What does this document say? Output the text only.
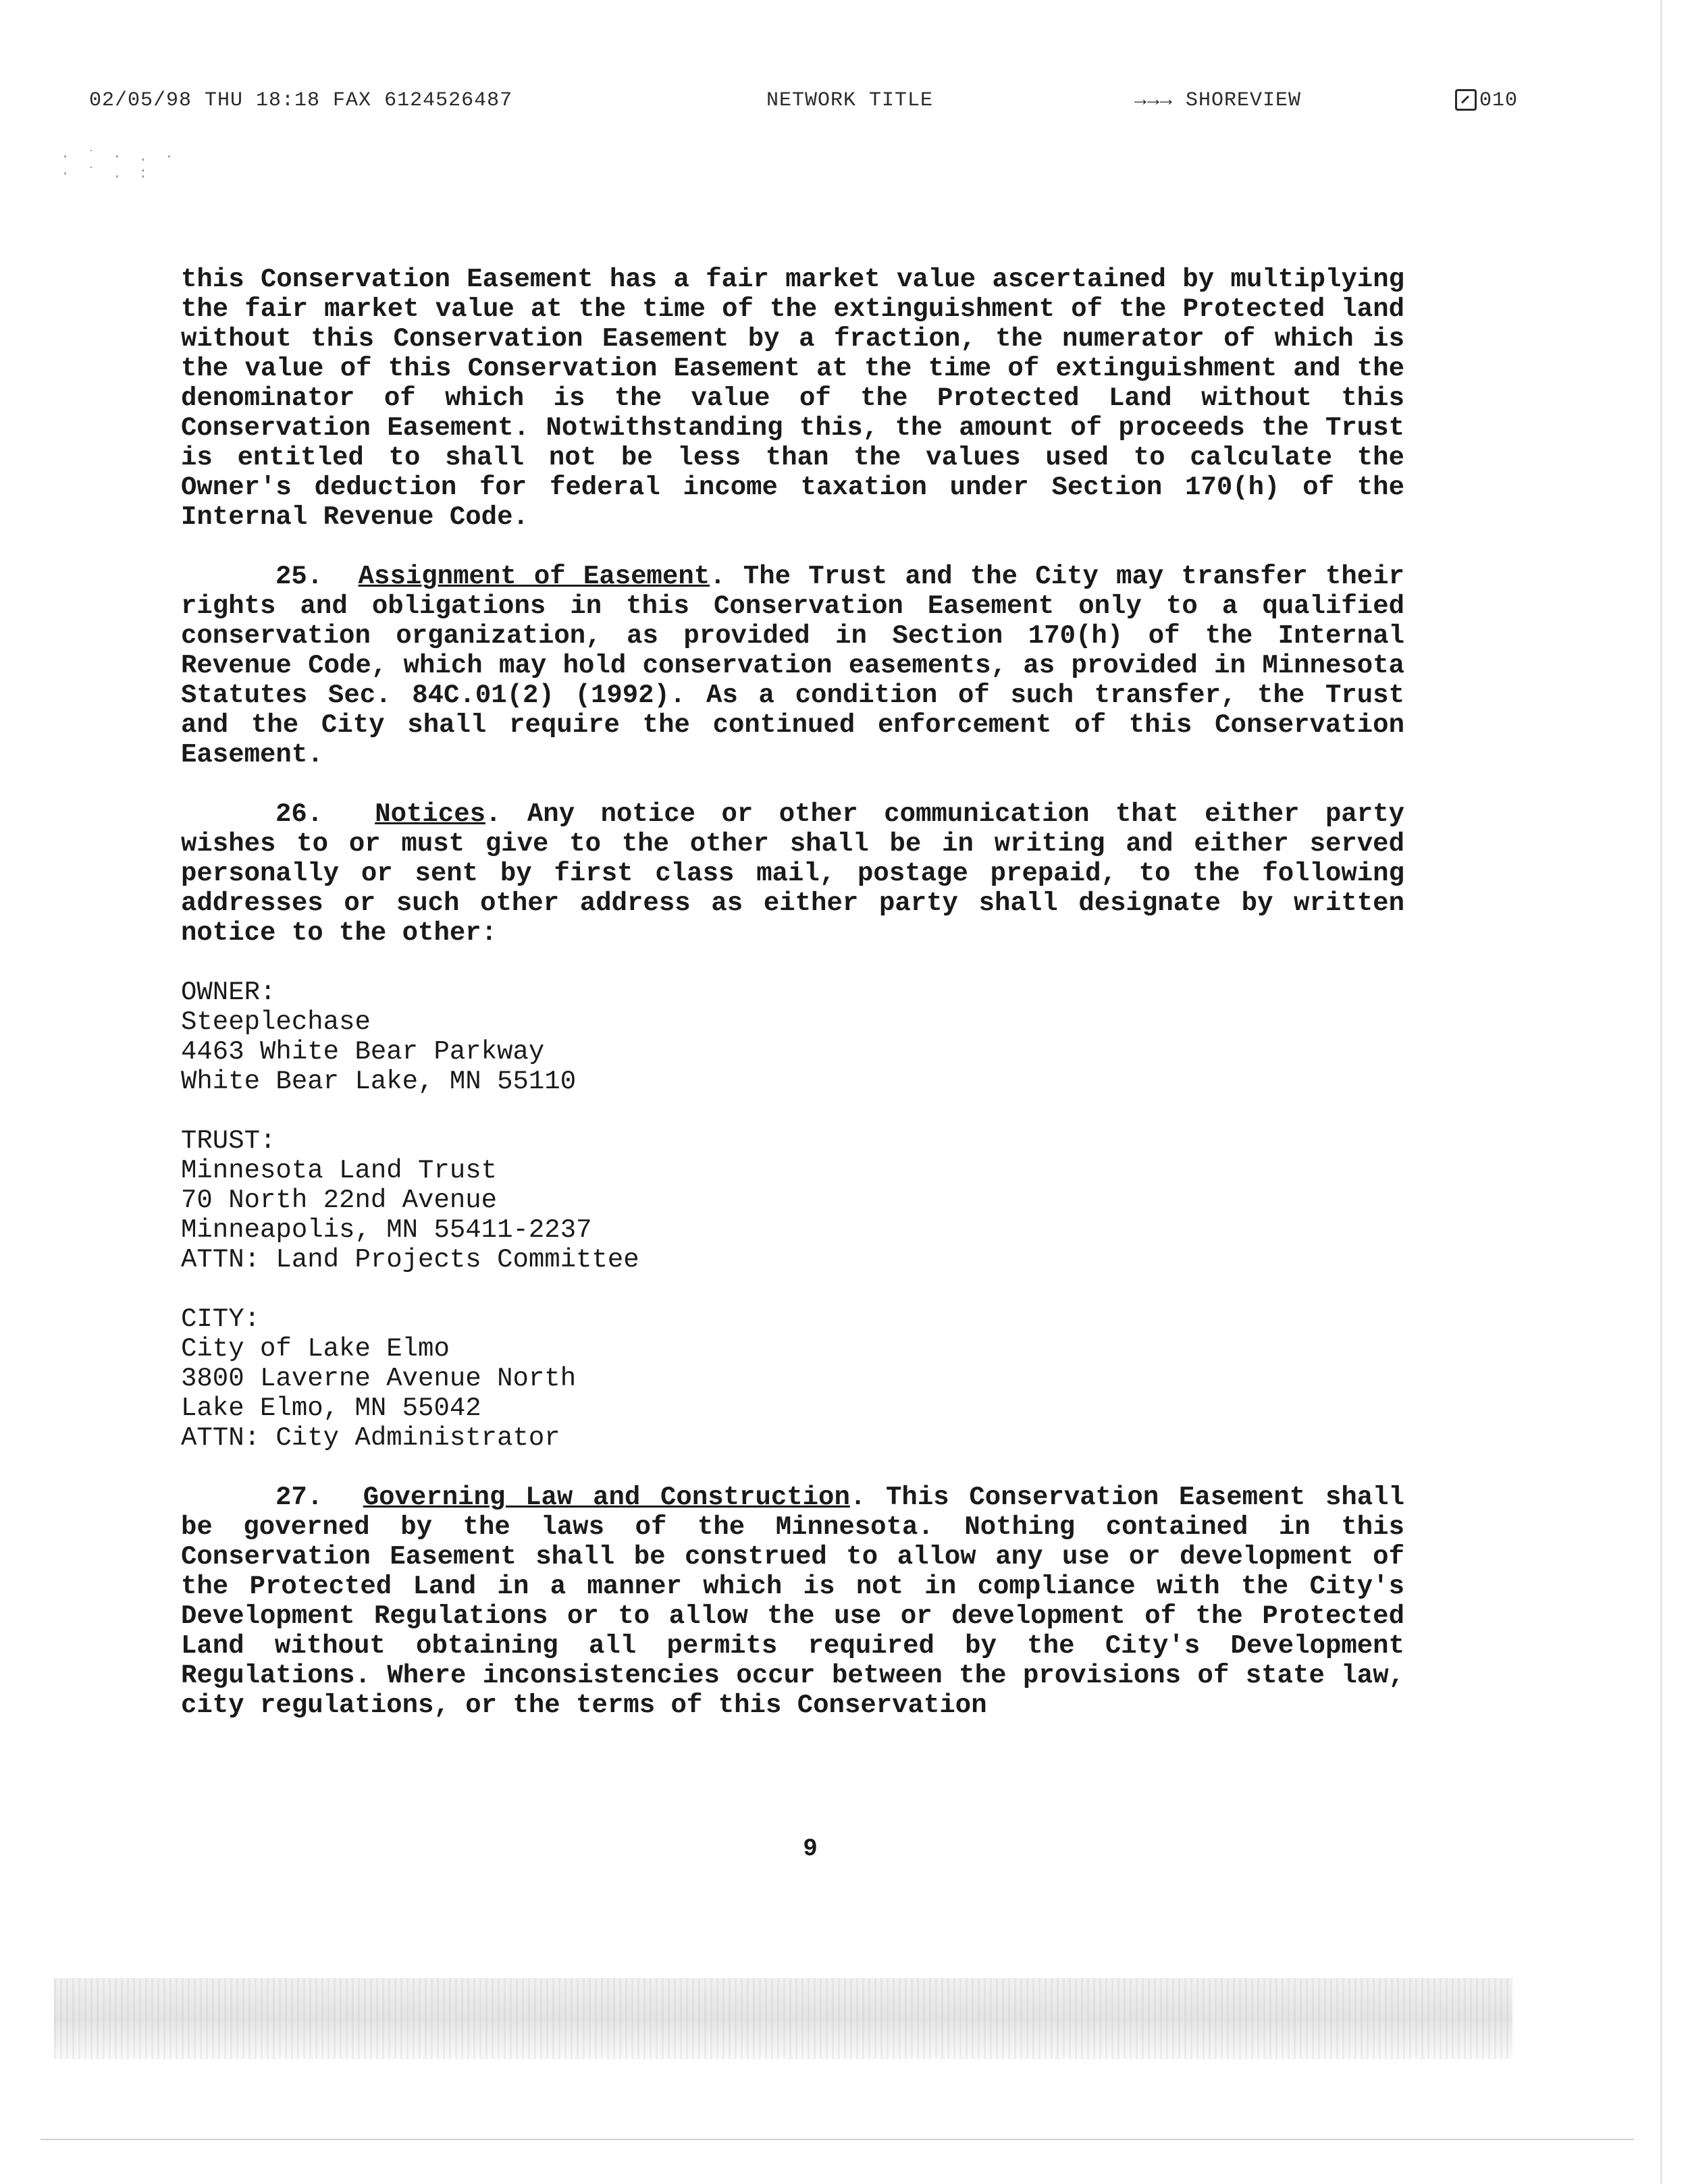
02/05/98 THU 18:18 FAX 6124526487	NETWORK TITLE	→→→ SHOREVIEW	010
· ˙ · . ·
· ˙ . :

this Conservation Easement has a fair market value ascertained by multiplying the fair market value at the time of the extinguishment of the Protected land without this Conservation Easement by a fraction, the numerator of which is the value of this Conservation Easement at the time of extinguishment and the denominator of which is the value of the Protected Land without this Conservation Easement. Notwithstanding this, the amount of proceeds the Trust is entitled to shall not be less than the values used to calculate the Owner's deduction for federal income taxation under Section 170(h) of the Internal Revenue Code.

25. Assignment of Easement. The Trust and the City may transfer their rights and obligations in this Conservation Easement only to a qualified conservation organization, as provided in Section 170(h) of the Internal Revenue Code, which may hold conservation easements, as provided in Minnesota Statutes Sec. 84C.01(2) (1992). As a condition of such transfer, the Trust and the City shall require the continued enforcement of this Conservation Easement.

26. Notices. Any notice or other communication that either party wishes to or must give to the other shall be in writing and either served personally or sent by first class mail, postage prepaid, to the following addresses or such other address as either party shall designate by written notice to the other:

OWNER:
Steeplechase
4463 White Bear Parkway
White Bear Lake, MN 55110
TRUST:
Minnesota Land Trust
70 North 22nd Avenue
Minneapolis, MN 55411-2237
ATTN: Land Projects Committee
CITY:
City of Lake Elmo
3800 Laverne Avenue North
Lake Elmo, MN 55042
ATTN: City Administrator

27. Governing Law and Construction. This Conservation Easement shall be governed by the laws of the Minnesota. Nothing contained in this Conservation Easement shall be construed to allow any use or development of the Protected Land in a manner which is not in compliance with the City's Development Regulations or to allow the use or development of the Protected Land without obtaining all permits required by the City's Development Regulations. Where inconsistencies occur between the provisions of state law, city regulations, or the terms of this Conservation

9
